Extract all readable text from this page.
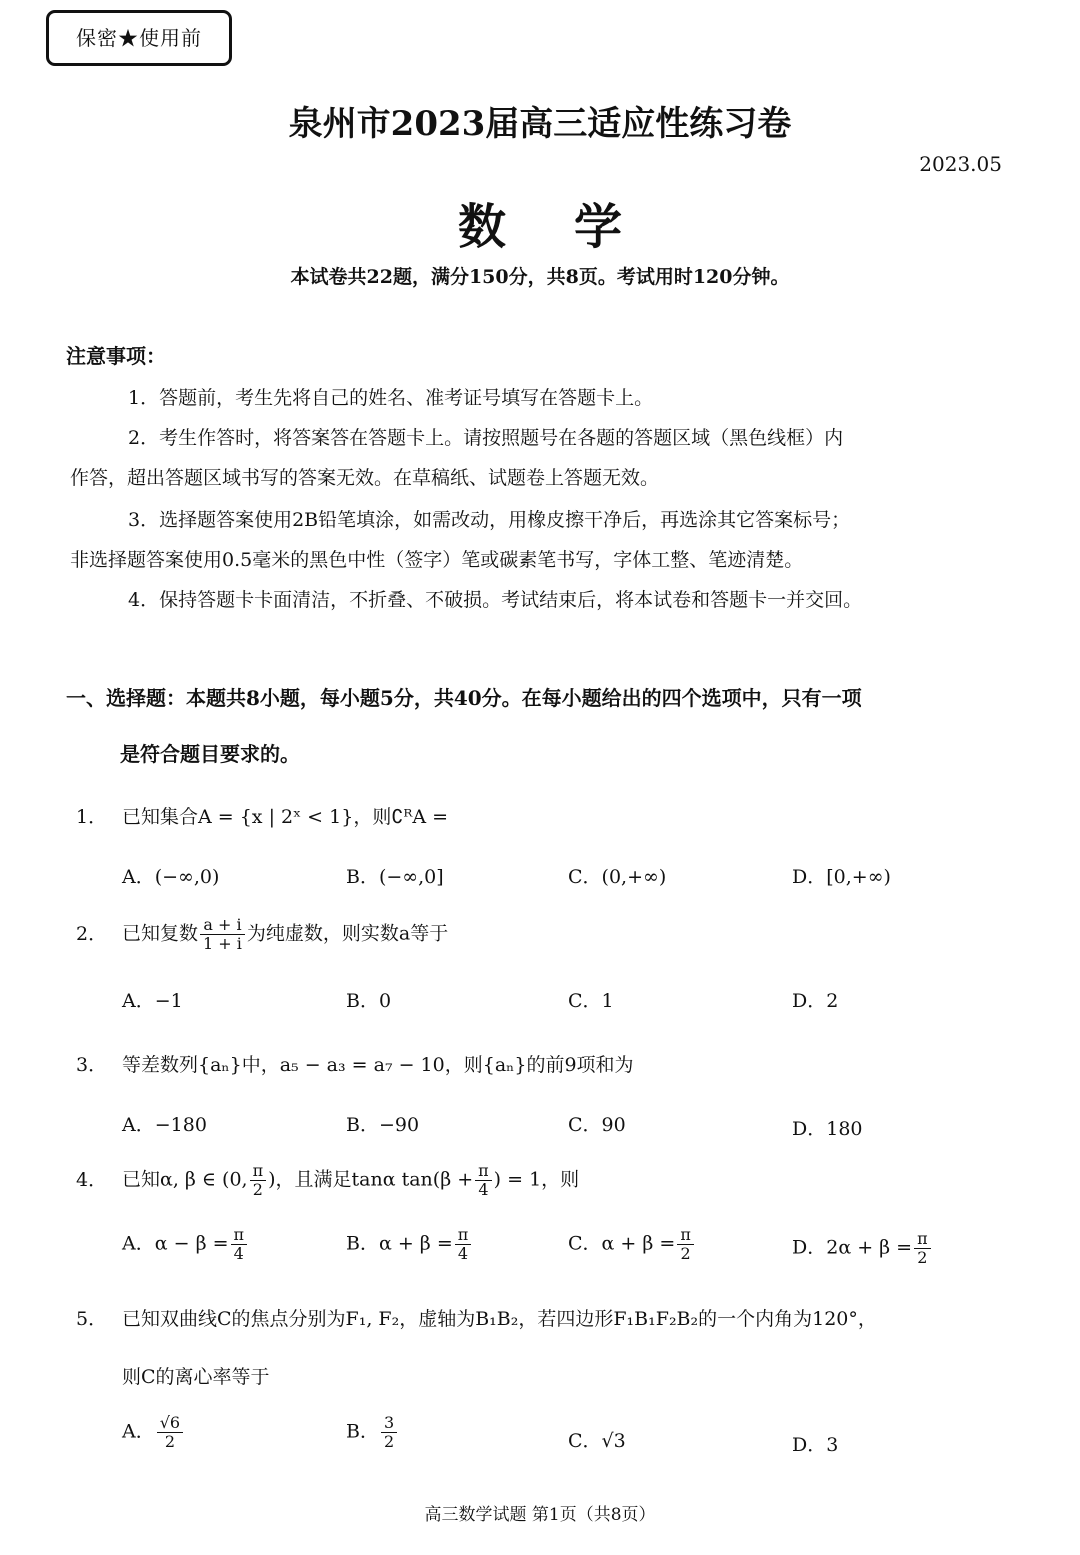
保密★使用前
泉州市2023届高三适应性练习卷
2023.05
数 学
本试卷共22题，满分150分，共8页。考试用时120分钟。
注意事项：
1．答题前，考生先将自己的姓名、准考证号填写在答题卡上。
2．考生作答时，将答案答在答题卡上。请按照题号在各题的答题区域（黑色线框）内
作答，超出答题区域书写的答案无效。在草稿纸、试题卷上答题无效。
3．选择题答案使用2B铅笔填涂，如需改动，用橡皮擦干净后，再选涂其它答案标号；
非选择题答案使用0.5毫米的黑色中性（签字）笔或碳素笔书写，字体工整、笔迹清楚。
4．保持答题卡卡面清洁，不折叠、不破损。考试结束后，将本试卷和答题卡一并交回。
一、选择题：本题共8小题，每小题5分，共40分。在每小题给出的四个选项中，只有一项
是符合题目要求的。
1． 已知集合A = {x | 2ˣ < 1}，则∁ᴿA =
A．(−∞,0)	B．(−∞,0]	C．(0,+∞)	D．[0,+∞)
2． 已知复数 $\frac{a + i}{1 + i}$ 为纯虚数，则实数a等于
A．−1	B．0	C．1	D．2
3． 等差数列{aₙ}中，a₅ − a₃ = a₇ − 10，则{aₙ}的前9项和为
A．−180	B．−90	C．90	D．180
4． 已知α, β ∈ (0, $\frac{\pi}{2}$ )，且满足tanα $\tan(\beta + \frac{\pi}{4}$ ) = 1，则
A．$\alpha - \beta = \frac{\pi}{4}$	B．$\alpha + \beta = \frac{\pi}{4}$	C．$\alpha + \beta = \frac{\pi}{2}$	D．$2\alpha + \beta = \frac{\pi}{2}$
5． 已知双曲线C的焦点分别为F₁, F₂，虚轴为B₁B₂，若四边形F₁B₁F₂B₂的一个内角为120°，
则C的离心率等于
A． $\frac{√6}{2}$	B． $\frac{3}{2}$	C．√3	D．3
高三数学试题 第1页（共8页）
